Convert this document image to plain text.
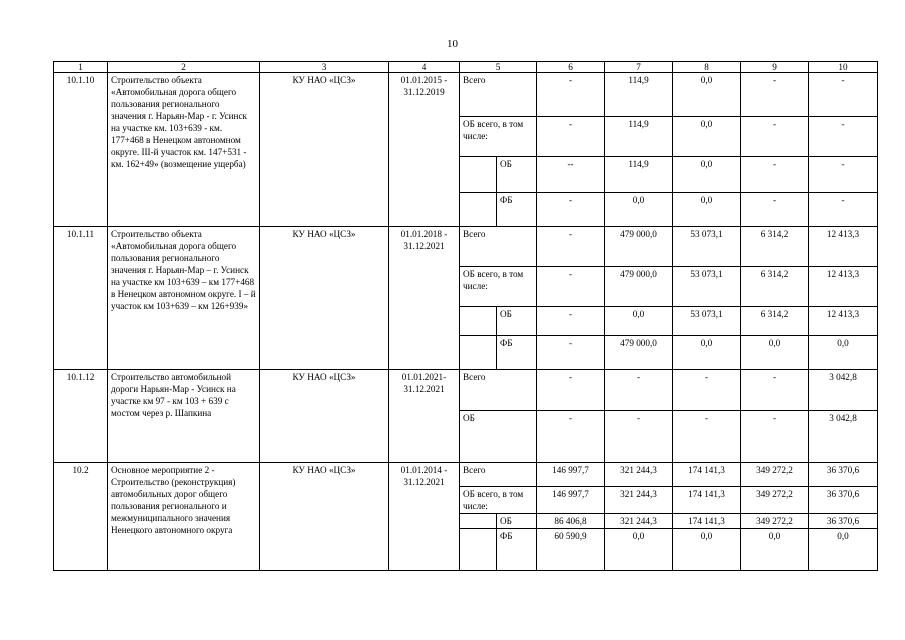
10
1	2	3	4	5		6	7	8	9	10
10.1.10	Строительство объекта «Автомобильная дорога общего пользования регионального значения г. Нарьян-Мар - г. Усинск на участке км. 103+639 - км. 177+468 в Ненецком автономном округе. III-й участок км. 147+531 - км. 162+49» (возмещение ущерба)	КУ НАО «ЦСЗ»	01.01.2015 - 31.12.2019	Всего		-	114,9	0,0	-	-
				ОБ всего, в том числе:		-	114,9	0,0	-	-
					ОБ	--	114,9	0,0	-	-
					ФБ	-	0,0	0,0	-	-
10.1.11	Строительство объекта «Автомобильная дорога общего пользования регионального значения г. Нарьян-Мар – г. Усинск на участке км 103+639 – км 177+468 в Ненецком автономном округе. I – й участок км 103+639 – км 126+939»	КУ НАО «ЦСЗ»	01.01.2018 - 31.12.2021	Всего		-	479 000,0	53 073,1	6 314,2	12 413,3
				ОБ всего, в том числе:		-	479 000,0	53 073,1	6 314,2	12 413,3
					ОБ	-	0,0	53 073,1	6 314,2	12 413,3
					ФБ	-	479 000,0	0,0	0,0	0,0
10.1.12	Строительство автомобильной дороги Нарьян-Мар - Усинск на участке км 97 - км 103 + 639 с мостом через р. Шапкина	КУ НАО «ЦСЗ»	01.01.2021- 31.12.2021	Всего		-	-	-	-	3 042,8
				ОБ		-	-	-	-	3 042,8
10.2	Основное мероприятие 2 - Строительство (реконструкция) автомобильных дорог общего пользования регионального и межмуниципального значения Ненецкого автономного округа	КУ НАО «ЦСЗ»	01.01.2014 - 31.12.2021	Всего		146 997,7	321 244,3	174 141,3	349 272,2	36 370,6
				ОБ всего, в том числе:		146 997,7	321 244,3	174 141,3	349 272,2	36 370,6
					ОБ	86 406,8	321 244,3	174 141,3	349 272,2	36 370,6
					ФБ	60 590,9	0,0	0,0	0,0	0,0
